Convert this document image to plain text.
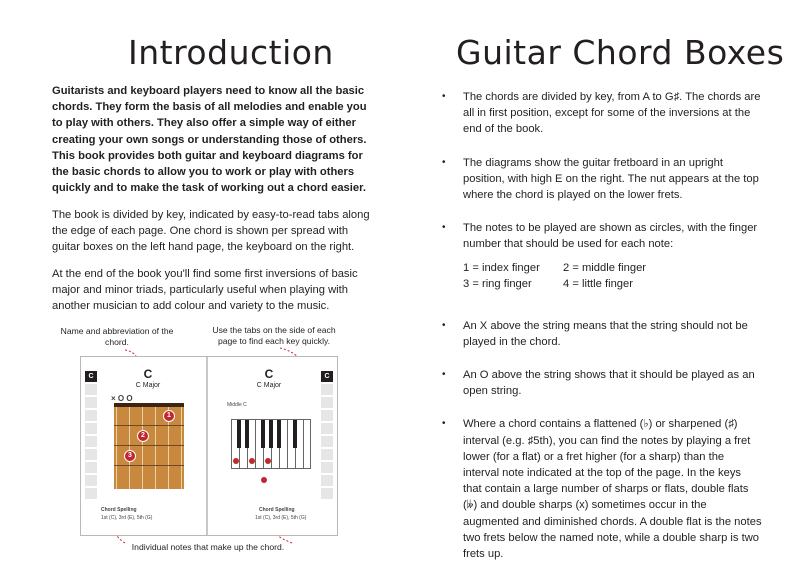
Introduction	Guitar Chord Boxes

Guitarists and keyboard players need to know all the basic chords. They form the basis of all melodies and enable you to play with others. They also offer a simple way of either creating your own songs or understanding those of others. This book provides both guitar and keyboard diagrams for the basic chords to allow you to work or play with others quickly and to make the task of working out a chord easier.

The book is divided by key, indicated by easy-to-read tabs along the edge of each page. One chord is shown per spread with guitar boxes on the left hand page, the keyboard on the right.

At the end of the book you'll find some first inversions of basic major and minor triads, particularly useful when playing with another musician to add colour and variety to the music.

Name and abbreviation of the chord.
Use the tabs on the side of each page to find each key quickly.
C	C
C
C Major
× O O
1
2
3
Chord Spelling
1st (C), 3rd (E), 5th (G)
C
C Major
Middle C
Chord Spelling
1st (C), 3rd (E), 5th (G)
Individual notes that make up the chord.
• The chords are divided by key, from A to G♯. The chords are all in first position, except for some of the inversions at the end of the book.
• The diagrams show the guitar fretboard in an upright position, with high E on the right. The nut appears at the top where the chord is played on the lower frets.
• The notes to be played are shown as circles, with the finger number that should be used for each note:
• An X above the string means that the string should not be played in the chord.
• An O above the string shows that it should be played as an open string.
• Where a chord contains a flattened (♭) or sharpened (♯) interval (e.g. ♯5th), you can find the notes by playing a fret lower (for a flat) or a fret higher (for a sharp) than the interval note indicated at the top of the page. In the keys that contain a large number of sharps or flats, double flats (𝄫) and double sharps (x) sometimes occur in the augmented and diminished chords. A double flat is the notes two frets below the named note, while a double sharp is two frets up.
1 = index finger 2 = middle finger
3 = ring finger	4 = little finger
